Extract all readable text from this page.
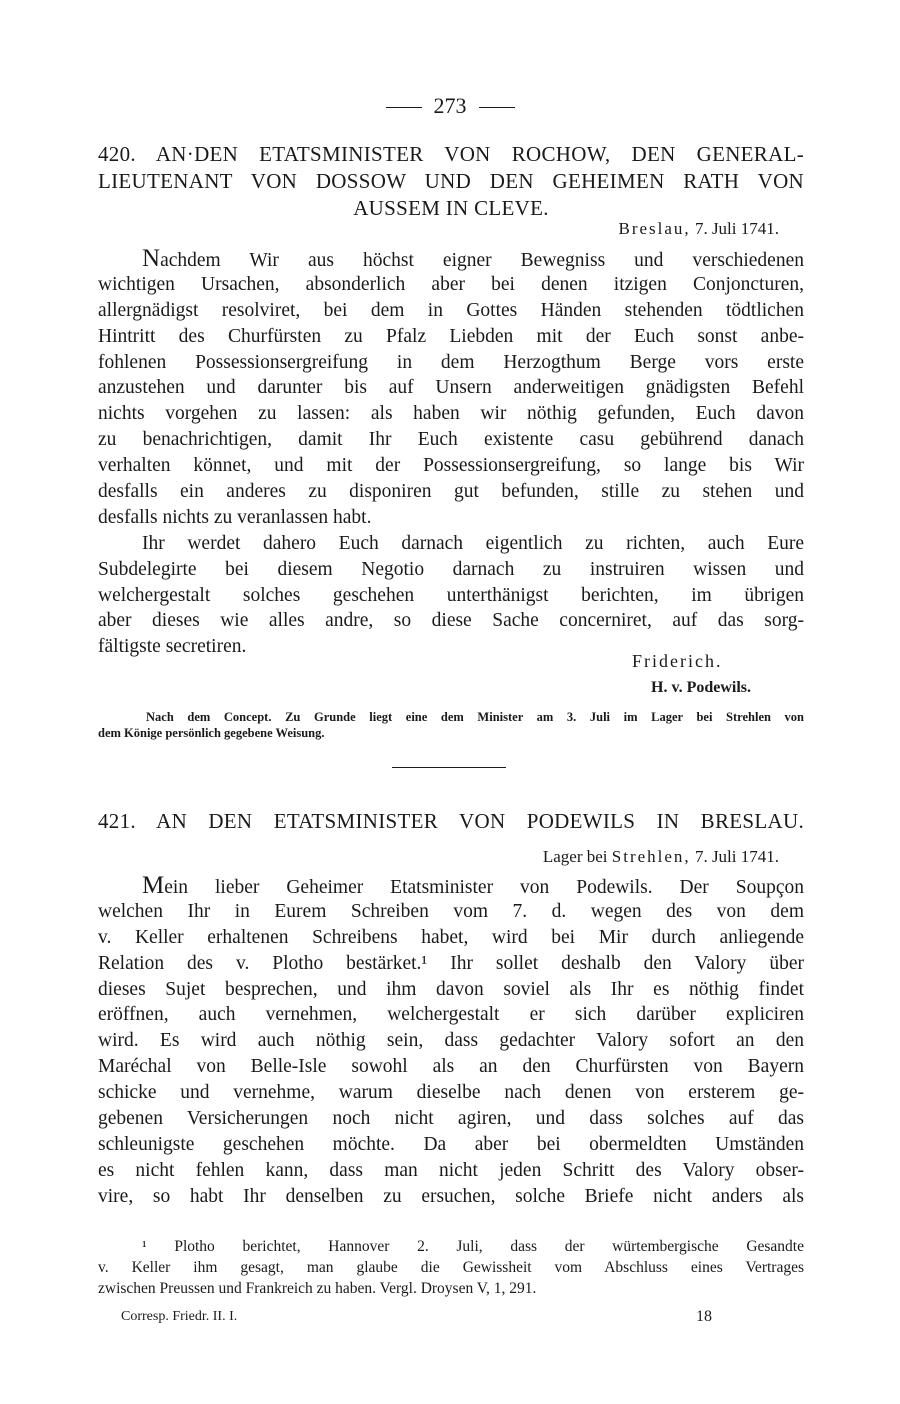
273
420. AN·DEN ETATSMINISTER VON ROCHOW, DEN GENERAL-
LIEUTENANT VON DOSSOW UND DEN GEHEIMEN RATH VON
AUSSEM IN CLEVE.
Breslau, 7. Juli 1741.
Nachdem Wir aus höchst eigner Bewegniss und verschiedenen
wichtigen Ursachen, absonderlich aber bei denen itzigen Conjoncturen,
allergnädigst resolviret, bei dem in Gottes Händen stehenden tödtlichen
Hintritt des Churfürsten zu Pfalz Liebden mit der Euch sonst anbe-
fohlenen Possessionsergreifung in dem Herzogthum Berge vors erste
anzustehen und darunter bis auf Unsern anderweitigen gnädigsten Befehl
nichts vorgehen zu lassen: als haben wir nöthig gefunden, Euch davon
zu benachrichtigen, damit Ihr Euch existente casu gebührend danach
verhalten könnet, und mit der Possessionsergreifung, so lange bis Wir
desfalls ein anderes zu disponiren gut befunden, stille zu stehen und
desfalls nichts zu veranlassen habt.
Ihr werdet dahero Euch darnach eigentlich zu richten, auch Eure
Subdelegirte bei diesem Negotio darnach zu instruiren wissen und
welchergestalt solches geschehen unterthänigst berichten, im übrigen
aber dieses wie alles andre, so diese Sache concerniret, auf das sorg-
fältigste secretiren.
Friderich.
H. v. Podewils.
Nach dem Concept. Zu Grunde liegt eine dem Minister am 3. Juli im Lager bei Strehlen von
dem Könige persönlich gegebene Weisung.
421. AN DEN ETATSMINISTER VON PODEWILS IN BRESLAU.
Lager bei Strehlen, 7. Juli 1741.
Mein lieber Geheimer Etatsminister von Podewils. Der Soupçon
welchen Ihr in Eurem Schreiben vom 7. d. wegen des von dem
v. Keller erhaltenen Schreibens habet, wird bei Mir durch anliegende
Relation des v. Plotho bestärket.¹ Ihr sollet deshalb den Valory über
dieses Sujet besprechen, und ihm davon soviel als Ihr es nöthig findet
eröffnen, auch vernehmen, welchergestalt er sich darüber expliciren
wird. Es wird auch nöthig sein, dass gedachter Valory sofort an den
Maréchal von Belle-Isle sowohl als an den Churfürsten von Bayern
schicke und vernehme, warum dieselbe nach denen von ersterem ge-
gebenen Versicherungen noch nicht agiren, und dass solches auf das
schleunigste geschehen möchte. Da aber bei obermeldten Umständen
es nicht fehlen kann, dass man nicht jeden Schritt des Valory obser-
vire, so habt Ihr denselben zu ersuchen, solche Briefe nicht anders als
¹ Plotho berichtet, Hannover 2. Juli, dass der würtembergische Gesandte
v. Keller ihm gesagt, man glaube die Gewissheit vom Abschluss eines Vertrages
zwischen Preussen und Frankreich zu haben. Vergl. Droysen V, 1, 291.
Corresp. Friedr. II. I.	18
